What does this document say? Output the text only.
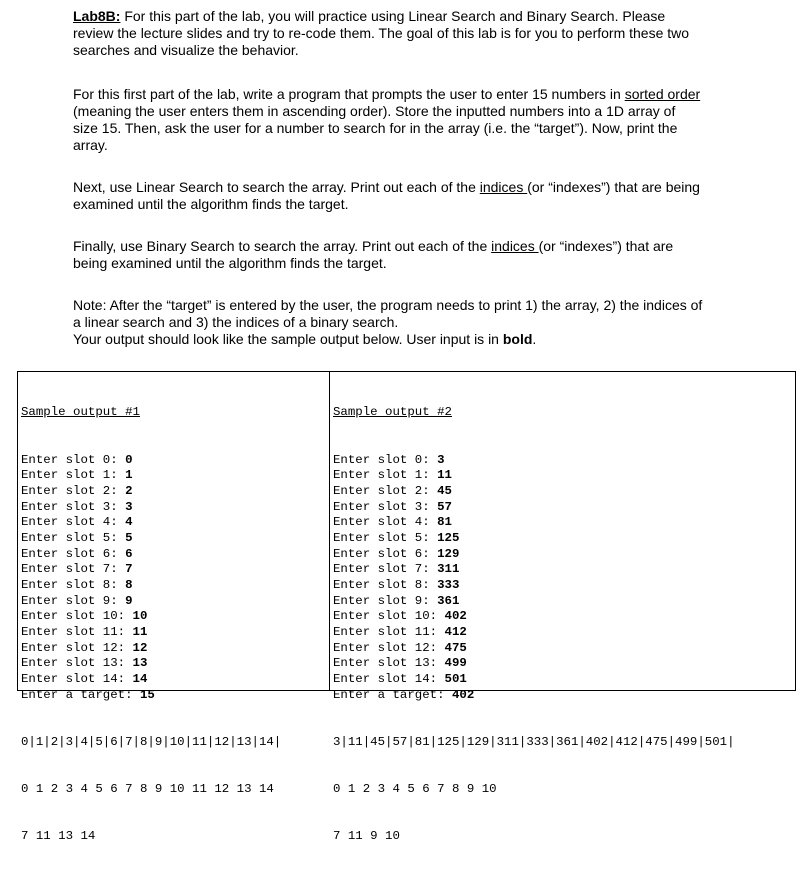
Lab8B: For this part of the lab, you will practice using Linear Search and Binary Search. Please review the lecture slides and try to re-code them. The goal of this lab is for you to perform these two searches and visualize the behavior.

For this first part of the lab, write a program that prompts the user to enter 15 numbers in sorted order (meaning the user enters them in ascending order). Store the inputted numbers into a 1D array of size 15. Then, ask the user for a number to search for in the array (i.e. the “target”). Now, print the array.

Next, use Linear Search to search the array. Print out each of the indices (or “indexes”) that are being examined until the algorithm finds the target.

Finally, use Binary Search to search the array. Print out each of the indices (or “indexes”) that are being examined until the algorithm finds the target.

Note: After the “target” is entered by the user, the program needs to print 1) the array, 2) the indices of a linear search and 3) the indices of a binary search.

Your output should look like the sample output below. User input is in bold.

Sample output #1

Enter slot 0: 0
Enter slot 1: 1
Enter slot 2: 2
Enter slot 3: 3
Enter slot 4: 4
Enter slot 5: 5
Enter slot 6: 6
Enter slot 7: 7
Enter slot 8: 8
Enter slot 9: 9
Enter slot 10: 10
Enter slot 11: 11
Enter slot 12: 12
Enter slot 13: 13
Enter slot 14: 14
Enter a target: 15

0|1|2|3|4|5|6|7|8|9|10|11|12|13|14|

0 1 2 3 4 5 6 7 8 9 10 11 12 13 14

7 11 13 14

Sample output #2

Enter slot 0: 3
Enter slot 1: 11
Enter slot 2: 45
Enter slot 3: 57
Enter slot 4: 81
Enter slot 5: 125
Enter slot 6: 129
Enter slot 7: 311
Enter slot 8: 333
Enter slot 9: 361
Enter slot 10: 402
Enter slot 11: 412
Enter slot 12: 475
Enter slot 13: 499
Enter slot 14: 501
Enter a target: 402

3|11|45|57|81|125|129|311|333|361|402|412|475|499|501|

0 1 2 3 4 5 6 7 8 9 10

7 11 9 10
